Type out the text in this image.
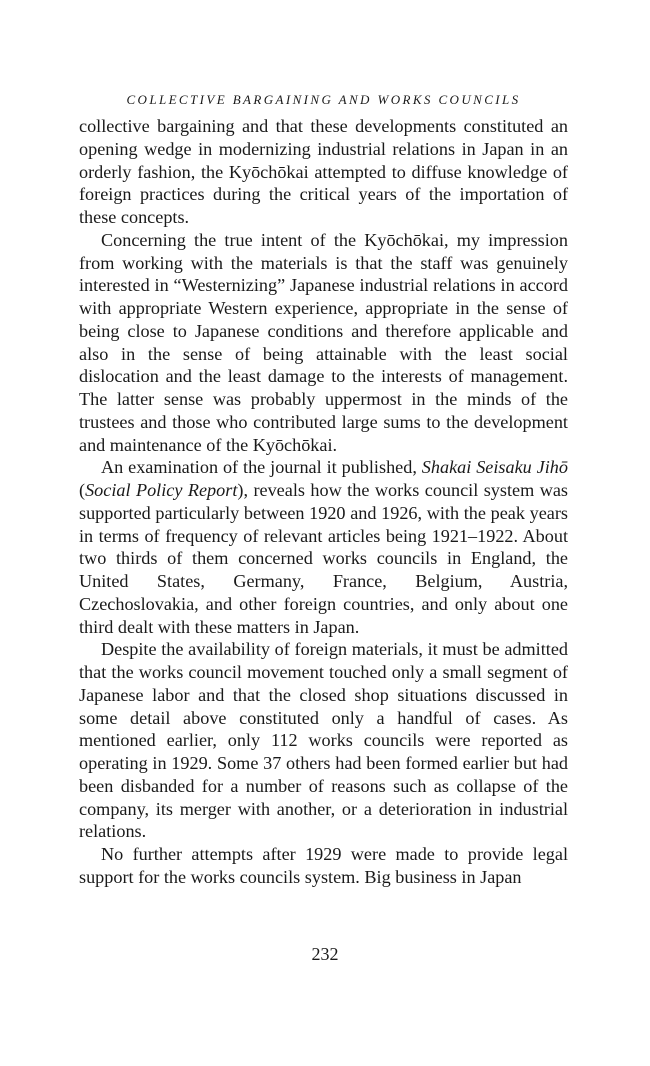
COLLECTIVE BARGAINING AND WORKS COUNCILS

collective bargaining and that these developments constituted an opening wedge in modernizing industrial relations in Japan in an orderly fashion, the Kyōchōkai attempted to diffuse knowledge of foreign practices during the critical years of the importation of these concepts.

Concerning the true intent of the Kyōchōkai, my impression from working with the materials is that the staff was genuinely interested in “Westernizing” Japanese industrial relations in accord with appropriate Western experience, appropriate in the sense of being close to Japanese conditions and therefore applicable and also in the sense of being attainable with the least social dislocation and the least damage to the interests of management. The latter sense was probably uppermost in the minds of the trustees and those who contributed large sums to the development and maintenance of the Kyōchōkai.

An examination of the journal it published, Shakai Seisaku Jihō (Social Policy Report), reveals how the works council system was supported particularly between 1920 and 1926, with the peak years in terms of frequency of relevant articles being 1921–1922. About two thirds of them concerned works councils in England, the United States, Germany, France, Belgium, Austria, Czechoslovakia, and other foreign countries, and only about one third dealt with these matters in Japan.

Despite the availability of foreign materials, it must be admitted that the works council movement touched only a small segment of Japanese labor and that the closed shop situations discussed in some detail above constituted only a handful of cases. As mentioned earlier, only 112 works councils were reported as operating in 1929. Some 37 others had been formed earlier but had been disbanded for a number of reasons such as collapse of the company, its merger with another, or a deterioration in industrial relations.

No further attempts after 1929 were made to provide legal support for the works councils system. Big business in Japan

232
